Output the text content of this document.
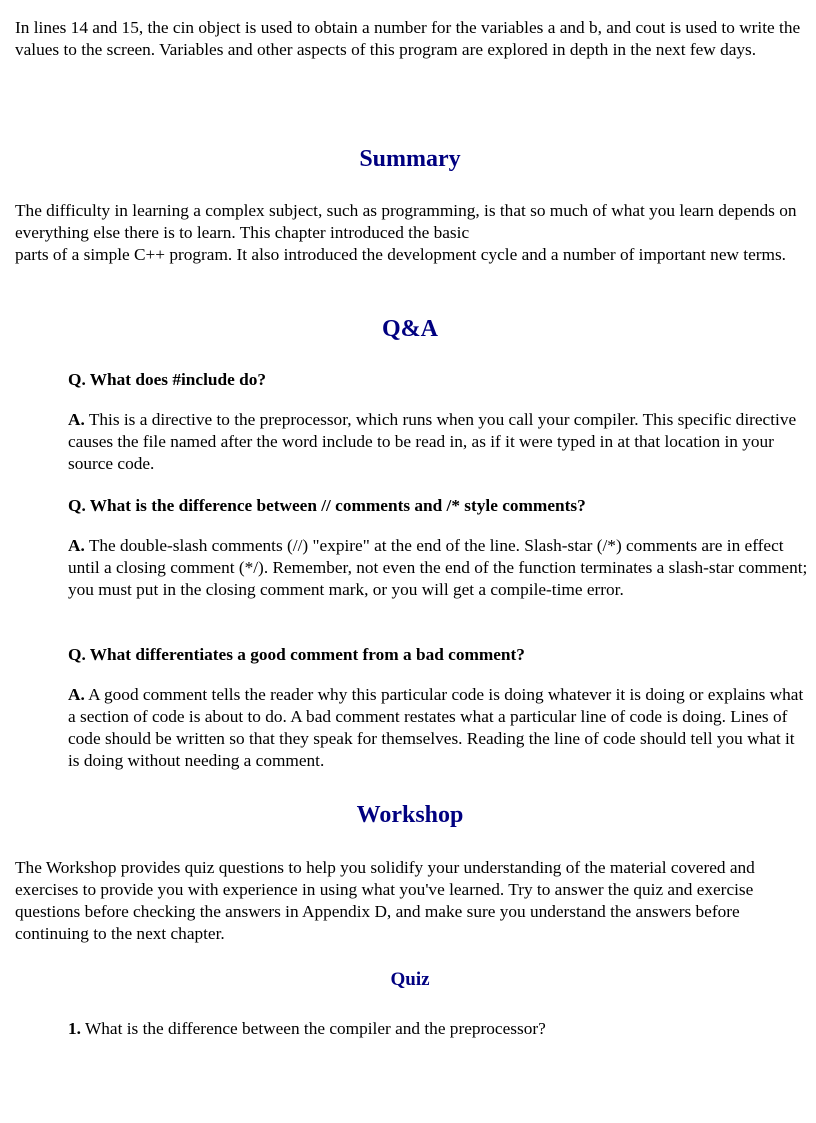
In lines 14 and 15, the cin object is used to obtain a number for the variables a and b, and cout is used to write the values to the screen. Variables and other aspects of this program are explored in depth in the next few days.

Summary

The difficulty in learning a complex subject, such as programming, is that so much of what you learn depends on everything else there is to learn. This chapter introduced the basic

parts of a simple C++ program. It also introduced the development cycle and a number of important new terms.

Q&A

Q. What does #include do?

A. This is a directive to the preprocessor, which runs when you call your compiler. This specific directive causes the file named after the word include to be read in, as if it were typed in at that location in your source code.

Q. What is the difference between // comments and /* style comments?

A. The double-slash comments (//) "expire" at the end of the line. Slash-star (/*) comments are in effect until a closing comment (*/). Remember, not even the end of the function terminates a slash-star comment; you must put in the closing comment mark, or you will get a compile-time error.

Q. What differentiates a good comment from a bad comment?

A. A good comment tells the reader why this particular code is doing whatever it is doing or explains what a section of code is about to do. A bad comment restates what a particular line of code is doing. Lines of code should be written so that they speak for themselves. Reading the line of code should tell you what it is doing without needing a comment.

Workshop

The Workshop provides quiz questions to help you solidify your understanding of the material covered and exercises to provide you with experience in using what you've learned. Try to answer the quiz and exercise questions before checking the answers in Appendix D, and make sure you understand the answers before continuing to the next chapter.

Quiz

1. What is the difference between the compiler and the preprocessor?
